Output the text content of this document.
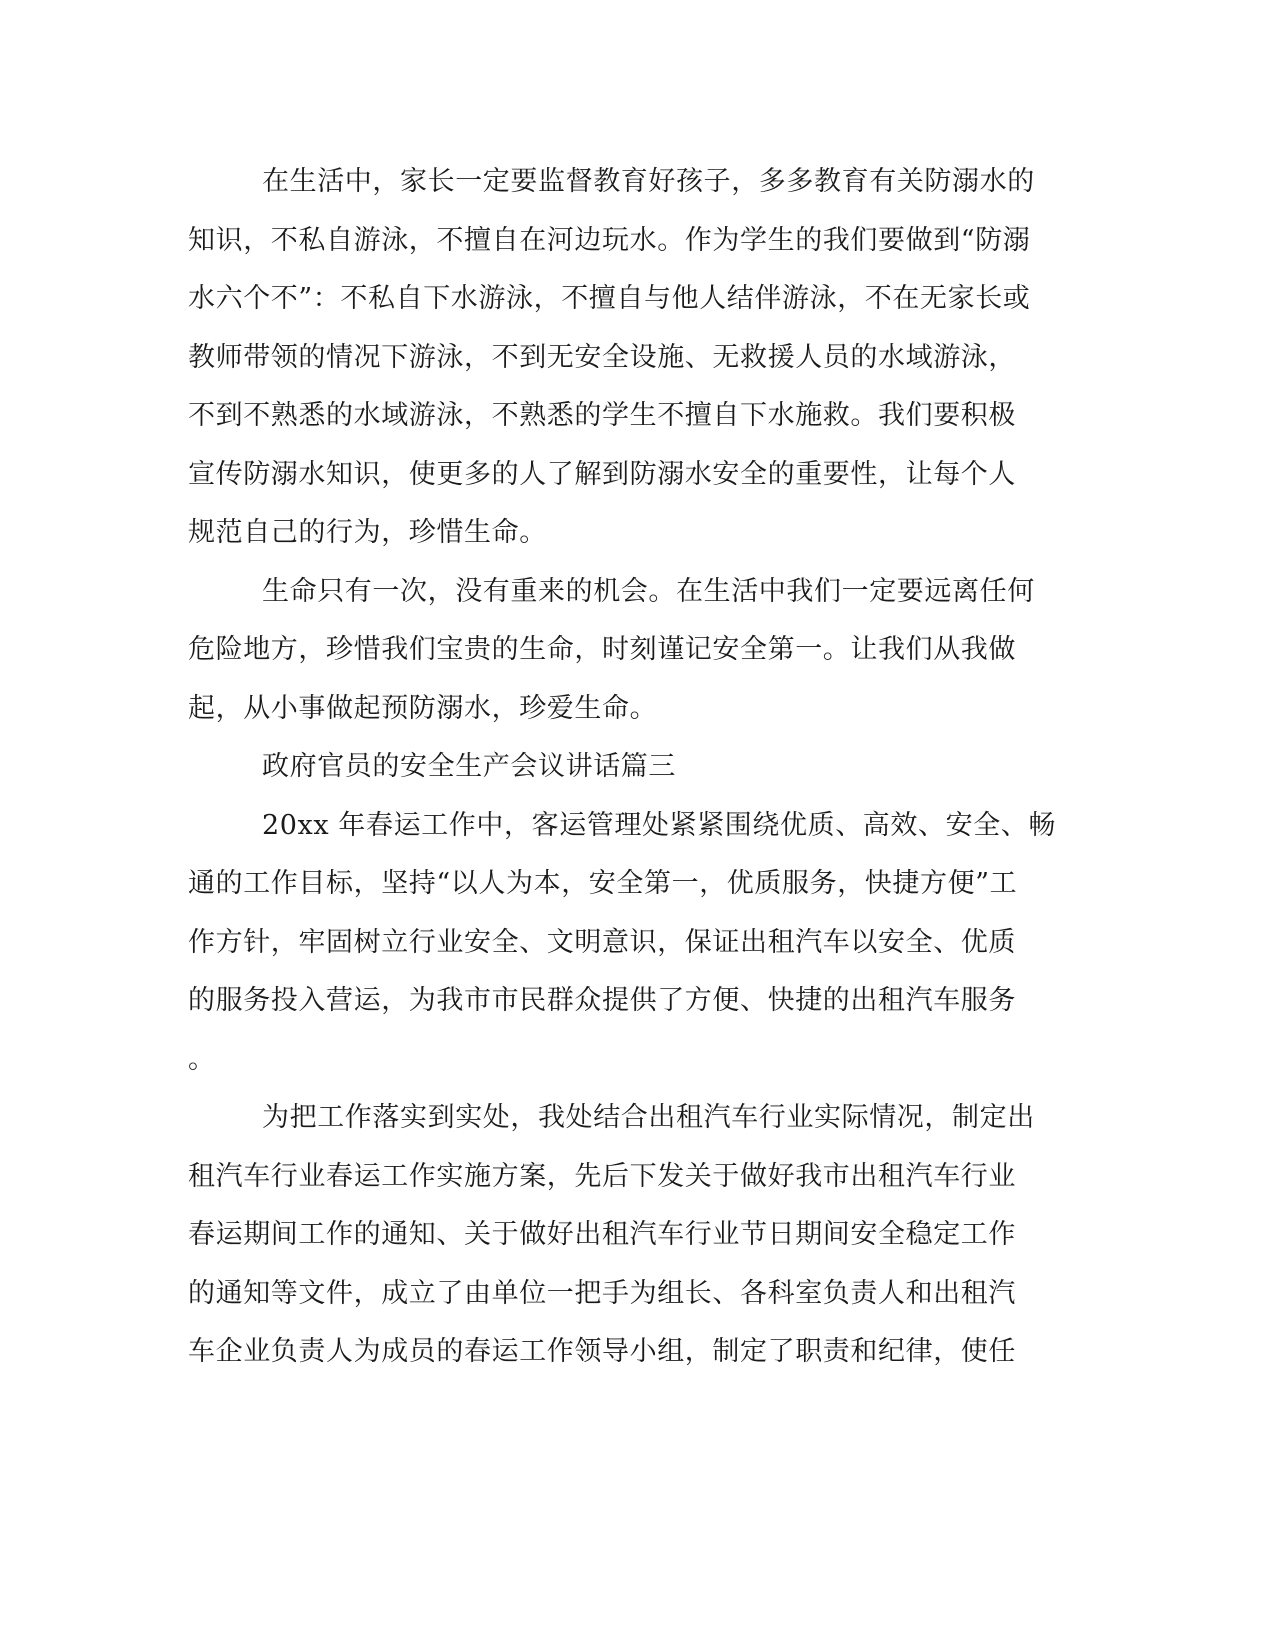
在生活中，家长一定要监督教育好孩子，多多教育有关防溺水的
知识，不私自游泳，不擅自在河边玩水。作为学生的我们要做到“防溺
水六个不”：不私自下水游泳，不擅自与他人结伴游泳，不在无家长或
教师带领的情况下游泳，不到无安全设施、无救援人员的水域游泳，
不到不熟悉的水域游泳，不熟悉的学生不擅自下水施救。我们要积极
宣传防溺水知识，使更多的人了解到防溺水安全的重要性，让每个人
规范自己的行为，珍惜生命。
生命只有一次，没有重来的机会。在生活中我们一定要远离任何
危险地方，珍惜我们宝贵的生命，时刻谨记安全第一。让我们从我做
起，从小事做起预防溺水，珍爱生命。
政府官员的安全生产会议讲话篇三
20xx 年春运工作中，客运管理处紧紧围绕优质、高效、安全、畅
通的工作目标，坚持“以人为本，安全第一，优质服务，快捷方便”工
作方针，牢固树立行业安全、文明意识，保证出租汽车以安全、优质
的服务投入营运，为我市市民群众提供了方便、快捷的出租汽车服务
。
为把工作落实到实处，我处结合出租汽车行业实际情况，制定出
租汽车行业春运工作实施方案，先后下发关于做好我市出租汽车行业
春运期间工作的通知、关于做好出租汽车行业节日期间安全稳定工作
的通知等文件，成立了由单位一把手为组长、各科室负责人和出租汽
车企业负责人为成员的春运工作领导小组，制定了职责和纪律，使任
